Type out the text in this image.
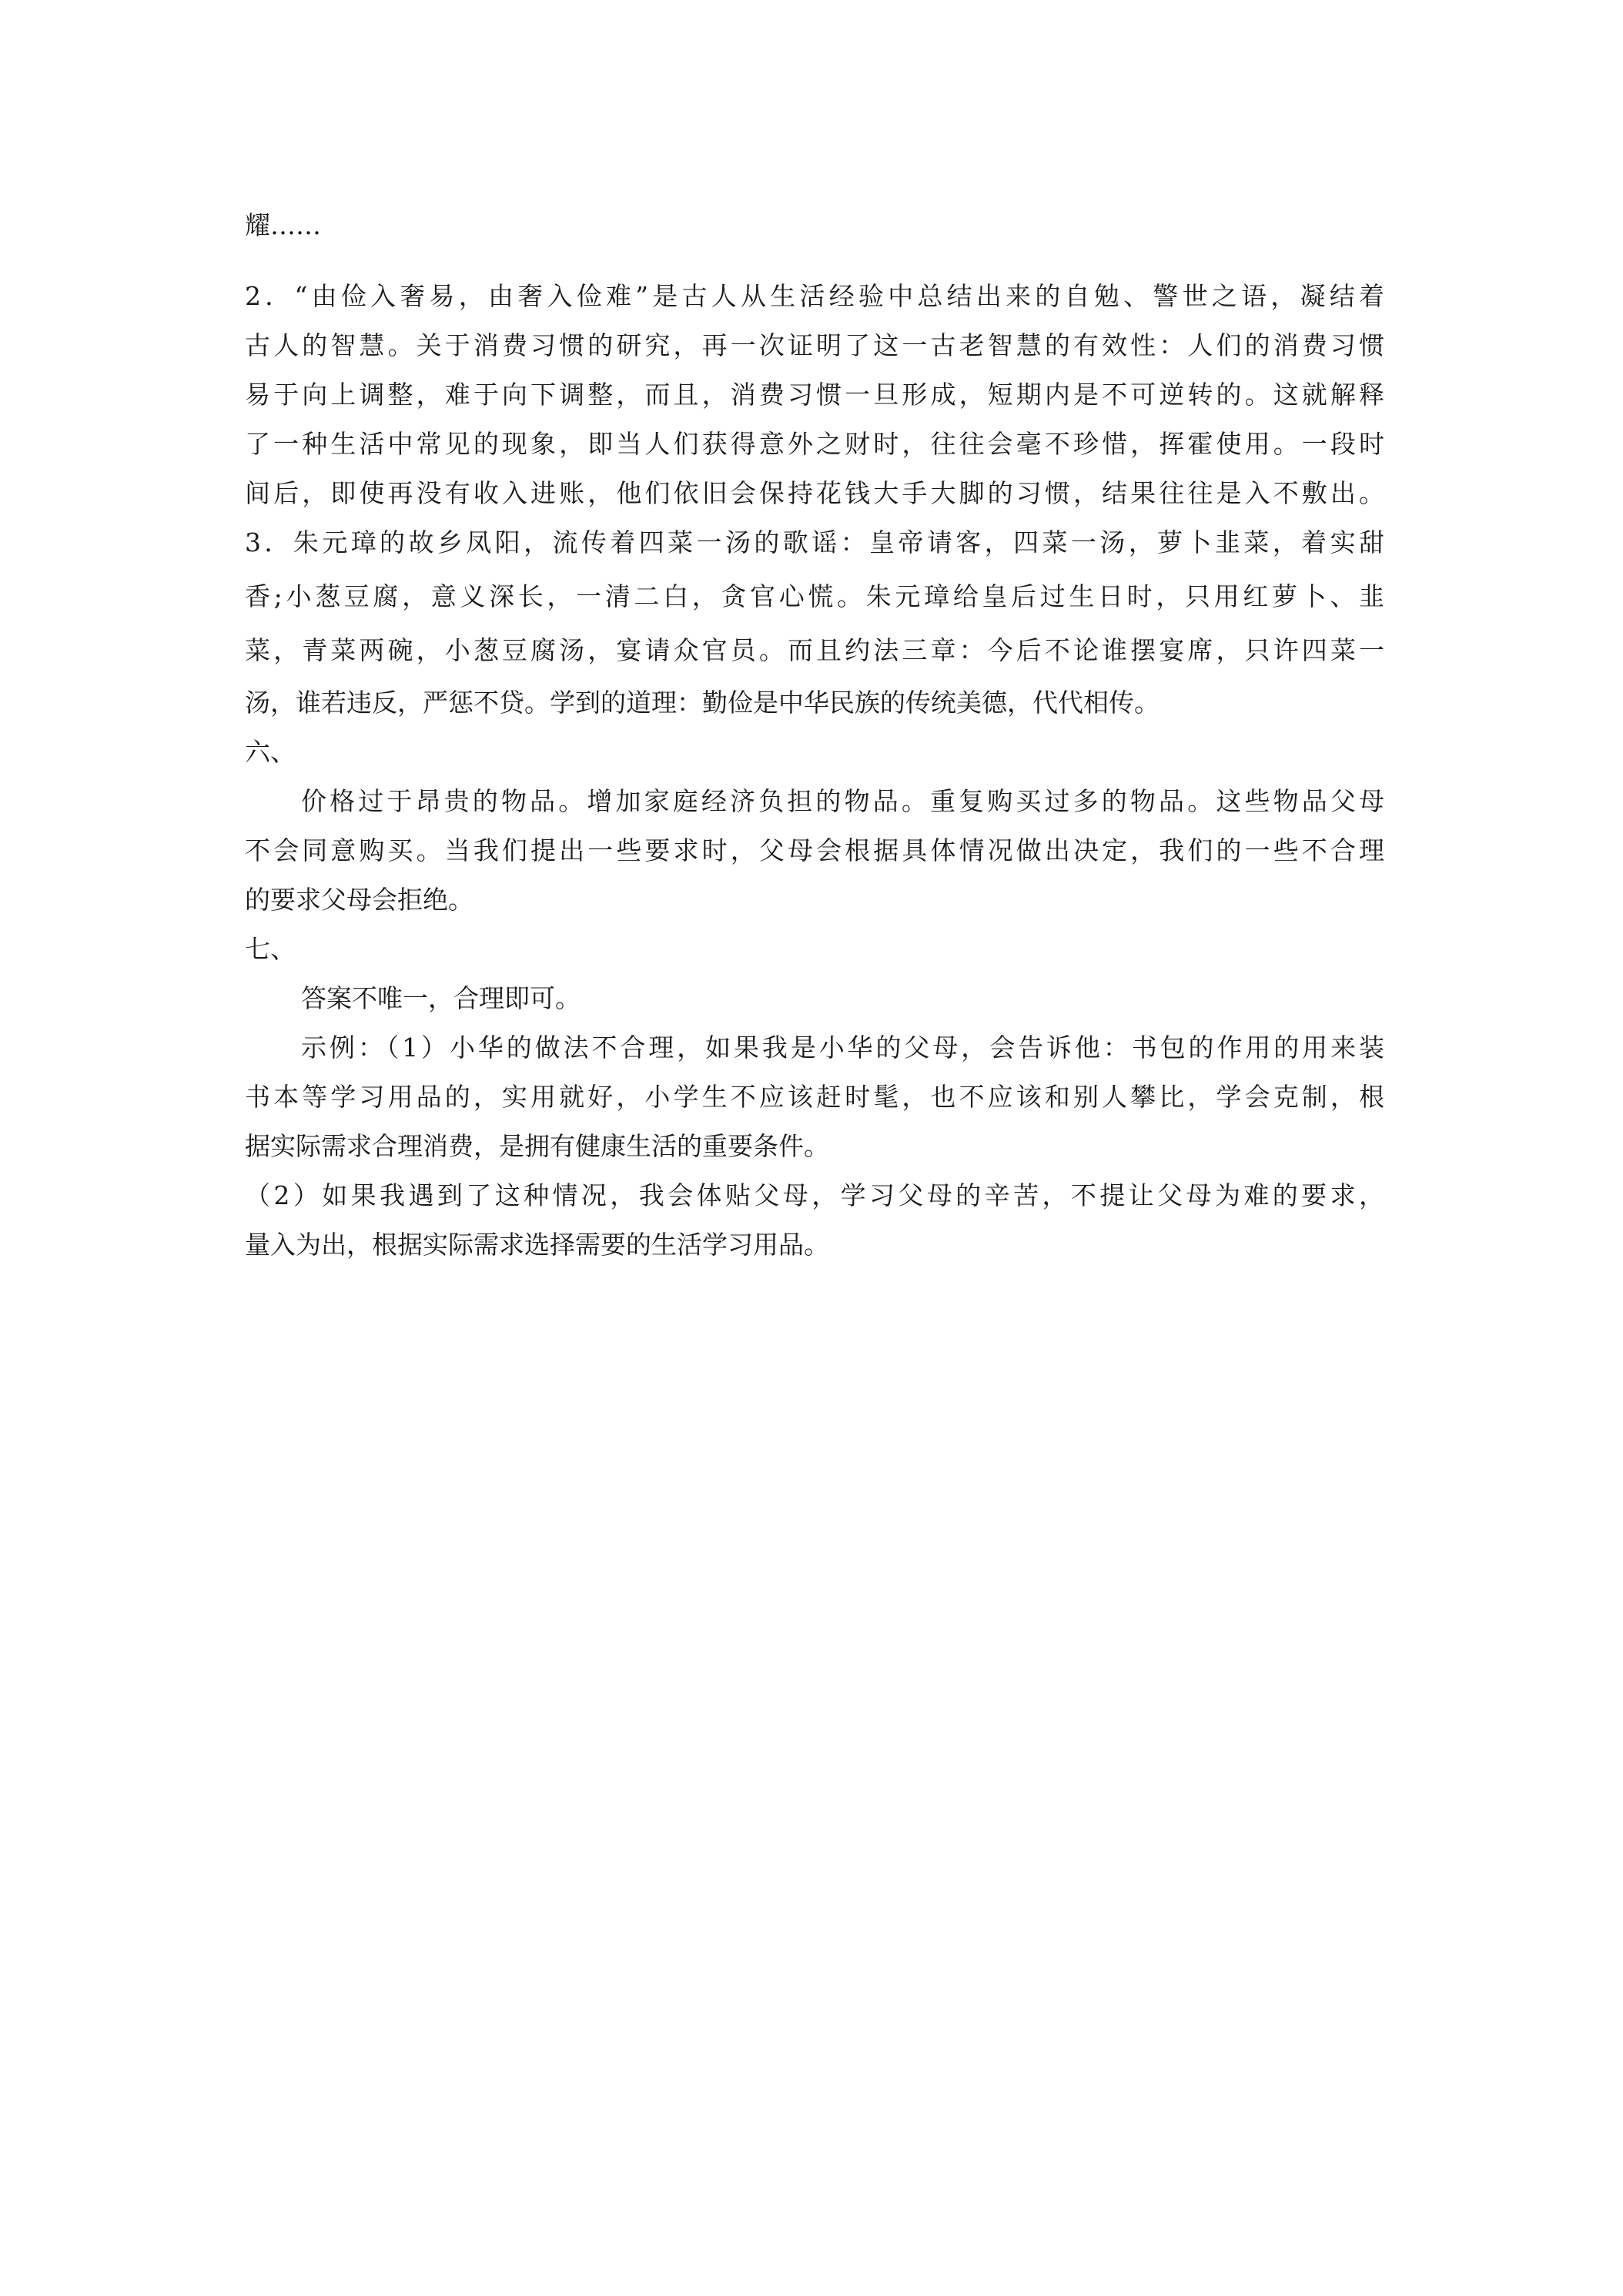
耀……

2．“由俭入奢易，由奢入俭难”是古人从生活经验中总结出来的自勉、警世之语，凝结着

古人的智慧。关于消费习惯的研究，再一次证明了这一古老智慧的有效性：人们的消费习惯

易于向上调整，难于向下调整，而且，消费习惯一旦形成，短期内是不可逆转的。这就解释

了一种生活中常见的现象，即当人们获得意外之财时，往往会毫不珍惜，挥霍使用。一段时

间后，即使再没有收入进账，他们依旧会保持花钱大手大脚的习惯，结果往往是入不敷出。

3．朱元璋的故乡凤阳，流传着四菜一汤的歌谣：皇帝请客，四菜一汤，萝卜韭菜，着实甜

香;小葱豆腐，意义深长，一清二白，贪官心慌。朱元璋给皇后过生日时，只用红萝卜、韭

菜，青菜两碗，小葱豆腐汤，宴请众官员。而且约法三章：今后不论谁摆宴席，只许四菜一

汤，谁若违反，严惩不贷。学到的道理：勤俭是中华民族的传统美德，代代相传。

六、

价格过于昂贵的物品。增加家庭经济负担的物品。重复购买过多的物品。这些物品父母

不会同意购买。当我们提出一些要求时，父母会根据具体情况做出决定，我们的一些不合理

的要求父母会拒绝。

七、

答案不唯一，合理即可。

示例：（1）小华的做法不合理，如果我是小华的父母，会告诉他：书包的作用的用来装

书本等学习用品的，实用就好，小学生不应该赶时髦，也不应该和别人攀比，学会克制，根

据实际需求合理消费，是拥有健康生活的重要条件。

（2）如果我遇到了这种情况，我会体贴父母，学习父母的辛苦，不提让父母为难的要求，

量入为出，根据实际需求选择需要的生活学习用品。
